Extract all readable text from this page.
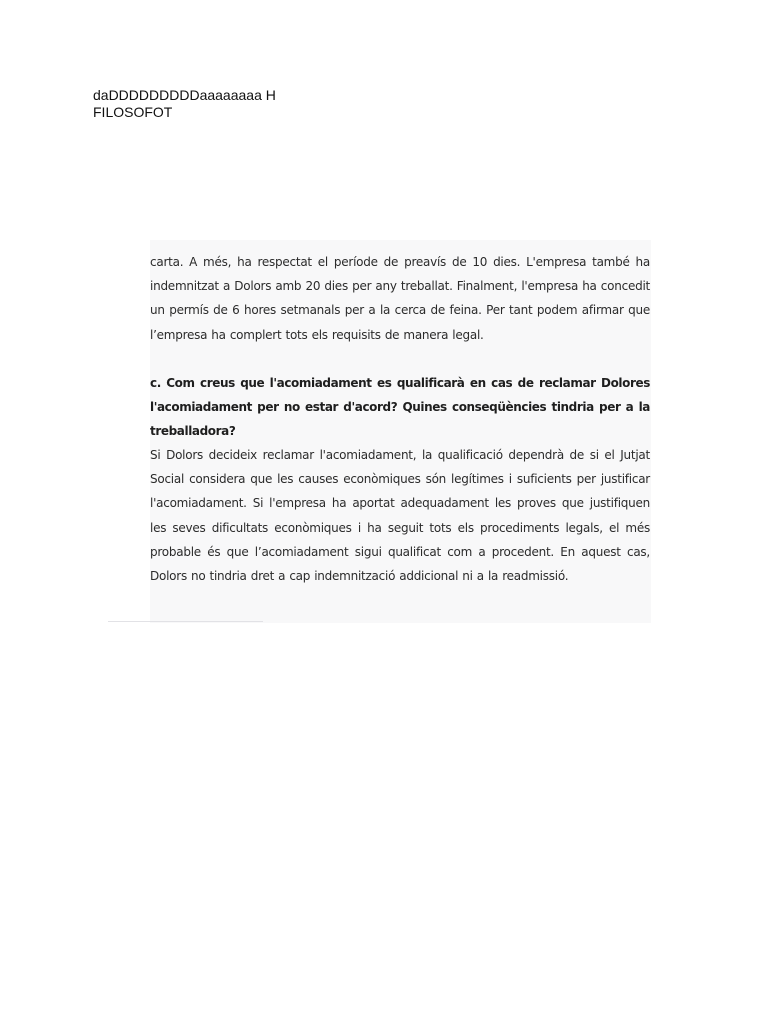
daDDDDDDDDDaaaaaaaa H
FILOSOFOT
carta. A més, ha respectat el període de preavís de 10 dies. L'empresa també ha indemnitzat a Dolors amb 20 dies per any treballat. Finalment, l'empresa ha concedit un permís de 6 hores setmanals per a la cerca de feina. Per tant podem afirmar que l’empresa ha complert tots els requisits de manera legal.
c. Com creus que l'acomiadament es qualificarà en cas de reclamar Dolores l'acomiadament per no estar d'acord? Quines conseqüències tindria per a la treballadora?
Si Dolors decideix reclamar l'acomiadament, la qualificació dependrà de si el Jutjat Social considera que les causes econòmiques són legítimes i suficients per justificar l'acomiadament. Si l'empresa ha aportat adequadament les proves que justifiquen les seves dificultats econòmiques i ha seguit tots els procediments legals, el més probable és que l’acomiadament sigui qualificat com a procedent. En aquest cas, Dolors no tindria dret a cap indemnització addicional ni a la readmissió.
